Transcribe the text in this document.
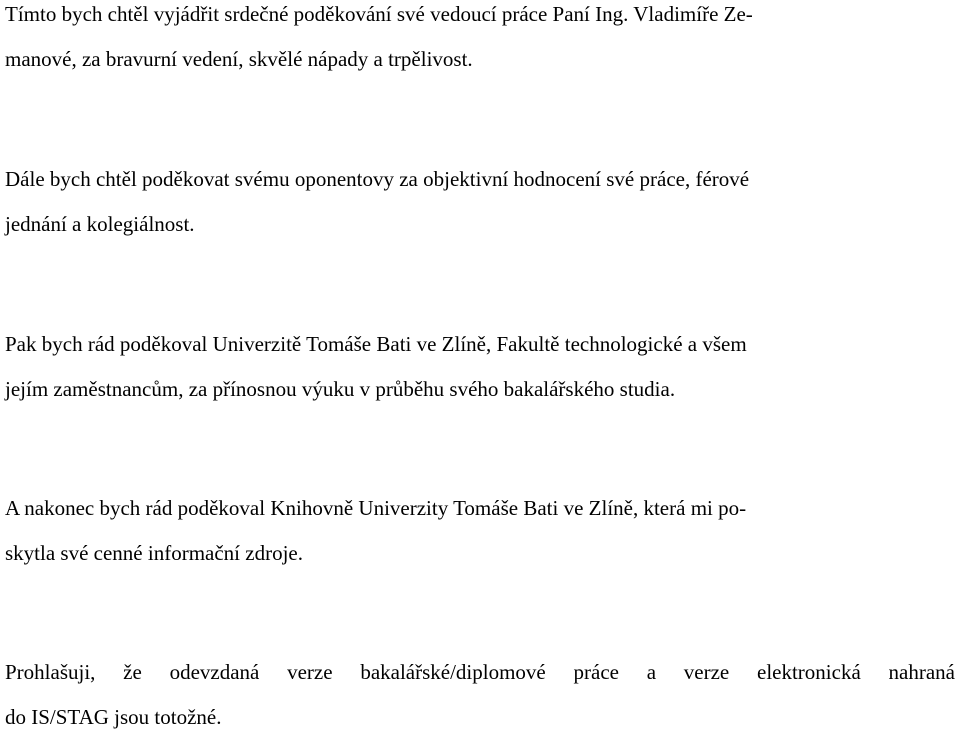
Tímto bych chtěl vyjádřit srdečné poděkování své vedoucí práce Paní Ing. Vladimíře Ze-
manové, za bravurní vedení, skvělé nápady a trpělivost.
Dále bych chtěl poděkovat svému oponentovy za objektivní hodnocení své práce, férové
jednání a kolegiálnost.
Pak bych rád poděkoval Univerzitě Tomáše Bati ve Zlíně, Fakultě technologické a všem
jejím zaměstnancům, za přínosnou výuku v průběhu svého bakalářského studia.
A nakonec bych rád poděkoval Knihovně Univerzity Tomáše Bati ve Zlíně, která mi po-
skytla své cenné informační zdroje.
Prohlašuji, že odevzdaná verze bakalářské/diplomové práce a verze elektronická nahraná
do IS/STAG jsou totožné.
